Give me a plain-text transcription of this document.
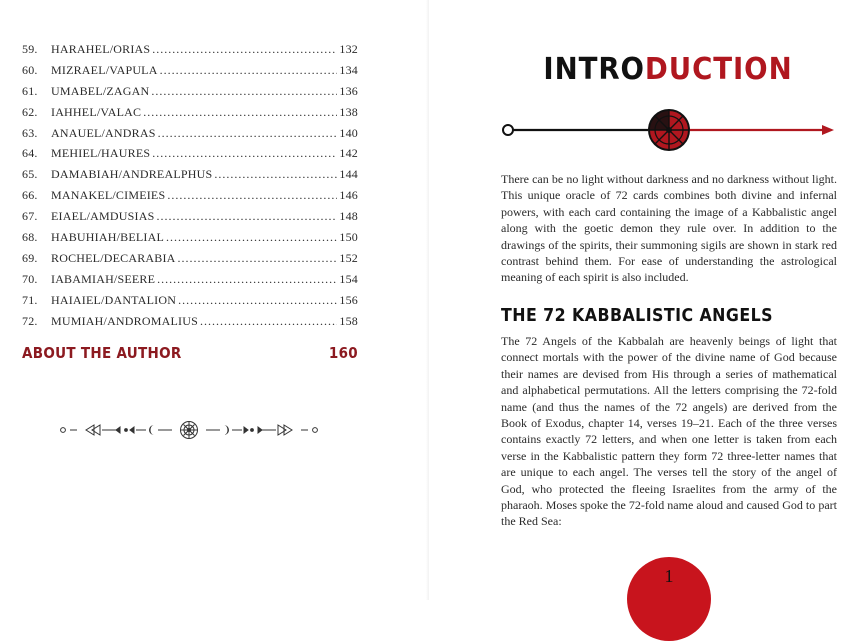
59.	HARAHEL/ORIAS .....	132
60.	MIZRAEL/VAPULA .....	134
61.	UMABEL/ZAGAN .....	136
62.	IAHHEL/VALAC .....	138
63.	ANAUEL/ANDRAS .....	140
64.	MEHIEL/HAURES .....	142
65.	DAMABIAH/ANDREALPHUS .....	144
66.	MANAKEL/CIMEIES .....	146
67.	EIAEL/AMDUSIAS .....	148
68.	HABUHIAH/BELIAL .....	150
69.	ROCHEL/DECARABIA .....	152
70.	IABAMIAH/SEERE .....	154
71.	HAIAIEL/DANTALION .....	156
72.	MUMIAH/ANDROMALIUS .....	158
ABOUT THE AUTHOR	160
INTRODUCTION
There can be no light without darkness and no darkness without light. This unique oracle of 72 cards combines both divine and infernal powers, with each card containing the image of a Kabbalistic angel along with the goetic demon they rule over. In addition to the drawings of the spirits, their summoning sigils are shown in stark red contrast behind them. For ease of understanding the astrological meaning of each spirit is also included.
THE 72 KABBALISTIC ANGELS
The 72 Angels of the Kabbalah are heavenly beings of light that connect mortals with the power of the divine name of God because their names are devised from His through a series of mathematical and alphabetical permutations. All the letters comprising the 72-fold name (and thus the names of the 72 angels) are derived from the Book of Exodus, chapter 14, verses 19–21. Each of the three verses contains exactly 72 letters, and when one letter is taken from each verse in the Kabbalistic pattern they form 72 three-letter names that are unique to each angel. The verses tell the story of the angel of God, who protected the fleeing Israelites from the army of the pharaoh. Moses spoke the 72-fold name aloud and caused God to part the Red Sea:
1
